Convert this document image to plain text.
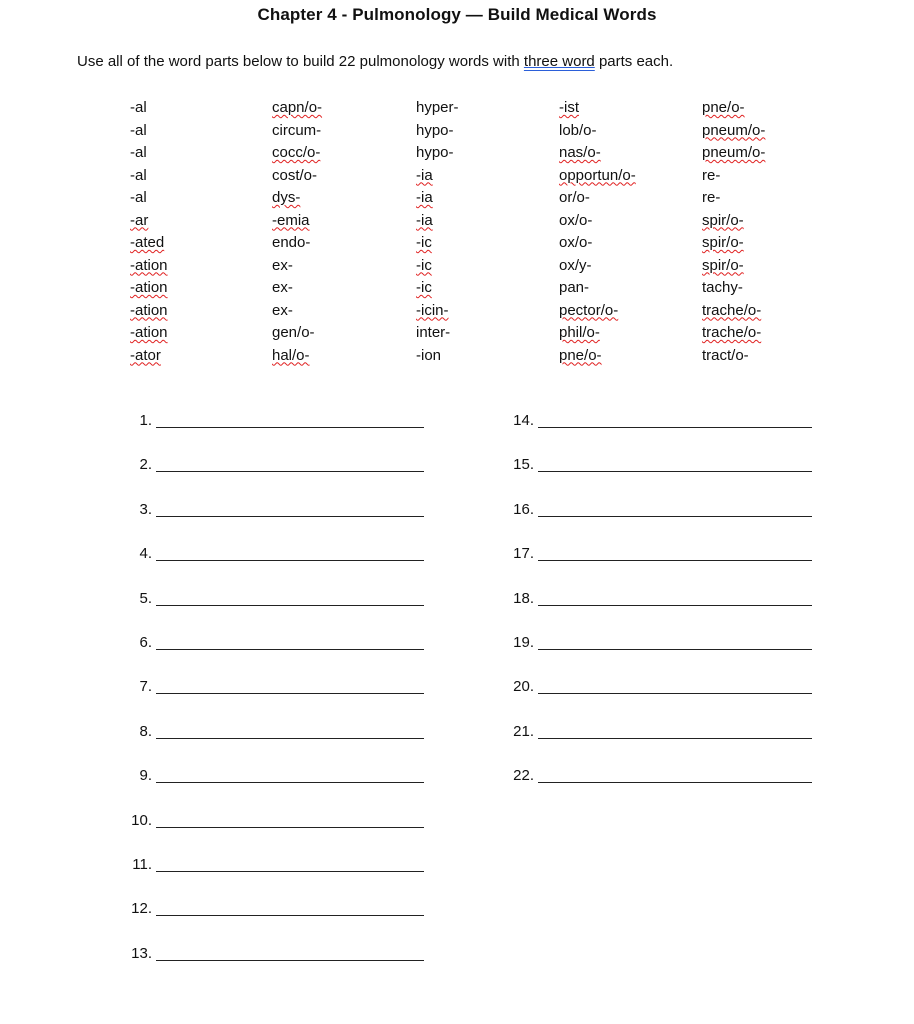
Chapter 4 - Pulmonology — Build Medical Words
Use all of the word parts below to build 22 pulmonology words with three word parts each.
-al
-al
-al
-al
-al
-ar
-ated
-ation
-ation
-ation
-ation
-ator
capn/o-
circum-
cocc/o-
cost/o-
dys-
-emia
endo-
ex-
ex-
ex-
gen/o-
hal/o-
hyper-
hypo-
hypo-
-ia
-ia
-ia
-ic
-ic
-ic
-icin-
inter-
-ion
-ist
lob/o-
nas/o-
opportun/o-
or/o-
ox/o-
ox/o-
ox/y-
pan-
pector/o-
phil/o-
pne/o-
pne/o-
pneum/o-
pneum/o-
re-
re-
spir/o-
spir/o-
spir/o-
tachy-
trache/o-
trache/o-
tract/o-
1.
2.
3.
4.
5.
6.
7.
8.
9.
10.
11.
12.
13.
14.
15.
16.
17.
18.
19.
20.
21.
22.
